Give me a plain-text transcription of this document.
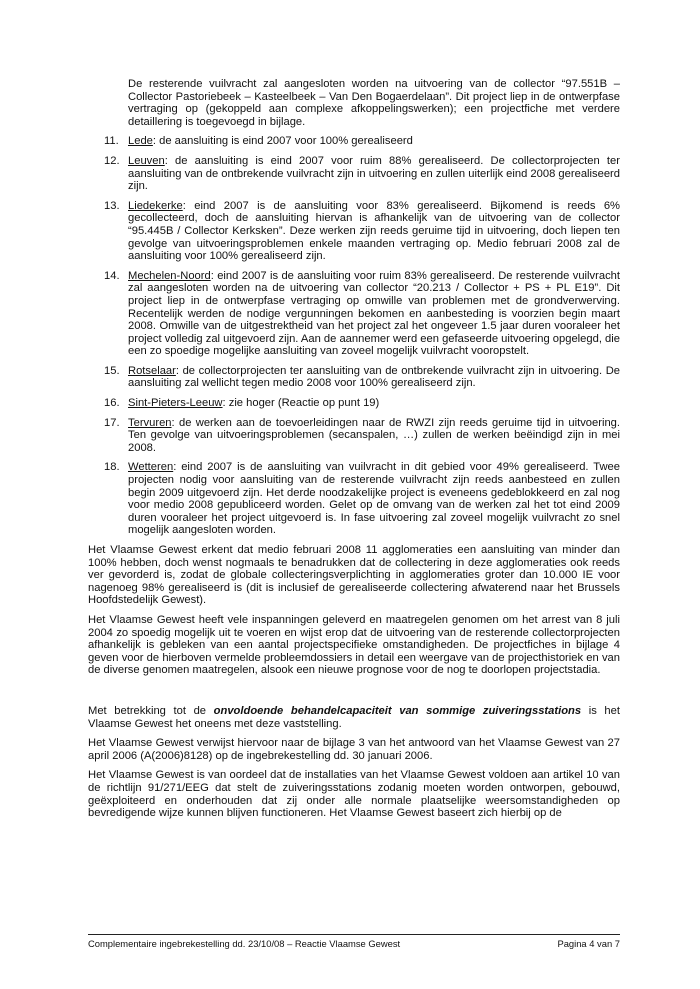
De resterende vuilvracht zal aangesloten worden na uitvoering van de collector “97.551B – Collector Pastoriebeek – Kasteelbeek – Van Den Bogaerdelaan”. Dit project liep in de ontwerpfase vertraging op (gekoppeld aan complexe afkoppelingswerken); een projectfiche met verdere detaillering is toegevoegd in bijlage.

11. Lede: de aansluiting is eind 2007 voor 100% gerealiseerd
12. Leuven: de aansluiting is eind 2007 voor ruim 88% gerealiseerd. De collectorprojecten ter aansluiting van de ontbrekende vuilvracht zijn in uitvoering en zullen uiterlijk eind 2008 gerealiseerd zijn.
13. Liedekerke: eind 2007 is de aansluiting voor 83% gerealiseerd. Bijkomend is reeds 6% gecollecteerd, doch de aansluiting hiervan is afhankelijk van de uitvoering van de collector “95.445B / Collector Kerksken”. Deze werken zijn reeds geruime tijd in uitvoering, doch liepen ten gevolge van uitvoeringsproblemen enkele maanden vertraging op. Medio februari 2008 zal de aansluiting voor 100% gerealiseerd zijn.
14. Mechelen-Noord: eind 2007 is de aansluiting voor ruim 83% gerealiseerd. De resterende vuilvracht zal aangesloten worden na de uitvoering van collector “20.213 / Collector + PS + PL E19”. Dit project liep in de ontwerpfase vertraging op omwille van problemen met de grondverwerving. Recentelijk werden de nodige vergunningen bekomen en aanbesteding is voorzien begin maart 2008. Omwille van de uitgestrektheid van het project zal het ongeveer 1.5 jaar duren vooraleer het project volledig zal uitgevoerd zijn. Aan de aannemer werd een gefaseerde uitvoering opgelegd, die een zo spoedige mogelijke aansluiting van zoveel mogelijk vuilvracht vooropstelt.
15. Rotselaar: de collectorprojecten ter aansluiting van de ontbrekende vuilvracht zijn in uitvoering. De aansluiting zal wellicht tegen medio 2008 voor 100% gerealiseerd zijn.
16. Sint-Pieters-Leeuw: zie hoger (Reactie op punt 19)
17. Tervuren: de werken aan de toevoerleidingen naar de RWZI zijn reeds geruime tijd in uitvoering. Ten gevolge van uitvoeringsproblemen (secanspalen, …) zullen de werken beëindigd zijn in mei 2008.
18. Wetteren: eind 2007 is de aansluiting van vuilvracht in dit gebied voor 49% gerealiseerd. Twee projecten nodig voor aansluiting van de resterende vuilvracht zijn reeds aanbesteed en zullen begin 2009 uitgevoerd zijn. Het derde noodzakelijke project is eveneens gedeblokkeerd en zal nog voor medio 2008 gepubliceerd worden. Gelet op de omvang van de werken zal het tot eind 2009 duren vooraleer het project uitgevoerd is. In fase uitvoering zal zoveel mogelijk vuilvracht zo snel mogelijk aangesloten worden.

Het Vlaamse Gewest erkent dat medio februari 2008 11 agglomeraties een aansluiting van minder dan 100% hebben, doch wenst nogmaals te benadrukken dat de collectering in deze agglomeraties ook reeds ver gevorderd is, zodat de globale collecteringsverplichting in agglomeraties groter dan 10.000 IE voor nagenoeg 98% gerealiseerd is (dit is inclusief de gerealiseerde collectering afwaterend naar het Brussels Hoofdstedelijk Gewest).

Het Vlaamse Gewest heeft vele inspanningen geleverd en maatregelen genomen om het arrest van 8 juli 2004 zo spoedig mogelijk uit te voeren en wijst erop dat de uitvoering van de resterende collectorprojecten afhankelijk is gebleken van een aantal projectspecifieke omstandigheden. De projectfiches in bijlage 4 geven voor de hierboven vermelde probleemdossiers in detail een weergave van de projecthistoriek en van de diverse genomen maatregelen, alsook een nieuwe prognose voor de nog te doorlopen projectstadia.

Met betrekking tot de onvoldoende behandelcapaciteit van sommige zuiveringsstations is het Vlaamse Gewest het oneens met deze vaststelling.

Het Vlaamse Gewest verwijst hiervoor naar de bijlage 3 van het antwoord van het Vlaamse Gewest van 27 april 2006 (A(2006)8128) op de ingebrekestelling dd. 30 januari 2006.

Het Vlaamse Gewest is van oordeel dat de installaties van het Vlaamse Gewest voldoen aan artikel 10 van de richtlijn 91/271/EEG dat stelt de zuiveringsstations zodanig moeten worden ontworpen, gebouwd, geëxploiteerd en onderhouden dat zij onder alle normale plaatselijke weersomstandigheden op bevredigende wijze kunnen blijven functioneren. Het Vlaamse Gewest baseert zich hierbij op de

Complementaire ingebrekestelling dd. 23/10/08 – Reactie Vlaamse Gewest	Pagina 4 van 7
